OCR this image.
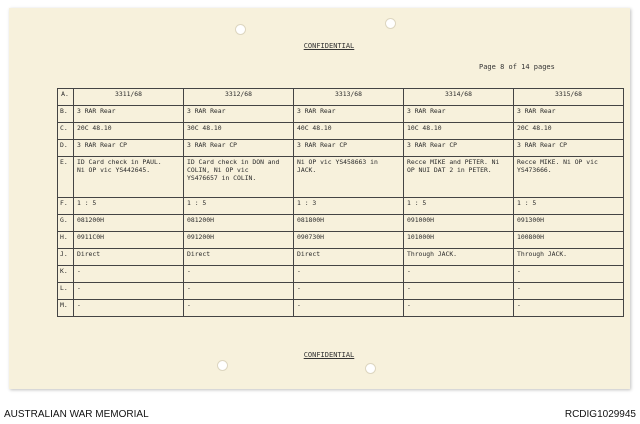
CONFIDENTIAL
Page 8 of 14 pages
A.	3311/68	3312/68	3313/68	3314/68	3315/68
B.	3 RAR Rear	3 RAR Rear	3 RAR Rear	3 RAR Rear	3 RAR Rear
C.	20C 48.10	30C 48.10	40C 48.10	10C 48.10	20C 48.10
D.	3 RAR Rear CP	3 RAR Rear CP	3 RAR Rear CP	3 RAR Rear CP	3 RAR Rear CP
E.	ID Card check in PAUL.
Ni OP vic YS442645.	ID Card check in DON and
COLIN, Ni OP vic
YS476657 in COLIN.	Ni OP vic YS458663 in
JACK.	Recce MIKE and PETER. Ni
OP NUI DAT 2 in PETER.	Recce MIKE. Ni OP vic
YS473666.
F.	1 : 5	1 : 5	1 : 3	1 : 5	1 : 5
G.	081200H	081200H	081800H	091000H	091300H
H.	0911C0H	091200H	090730H	101000H	100800H
J.	Direct	Direct	Direct	Through JACK.	Through JACK.
K.	-	-	-	-	-
L.	-	-	-	-	-
M.	-	-	-	-	-
CONFIDENTIAL
AUSTRALIAN WAR MEMORIAL	RCDIG1029945
